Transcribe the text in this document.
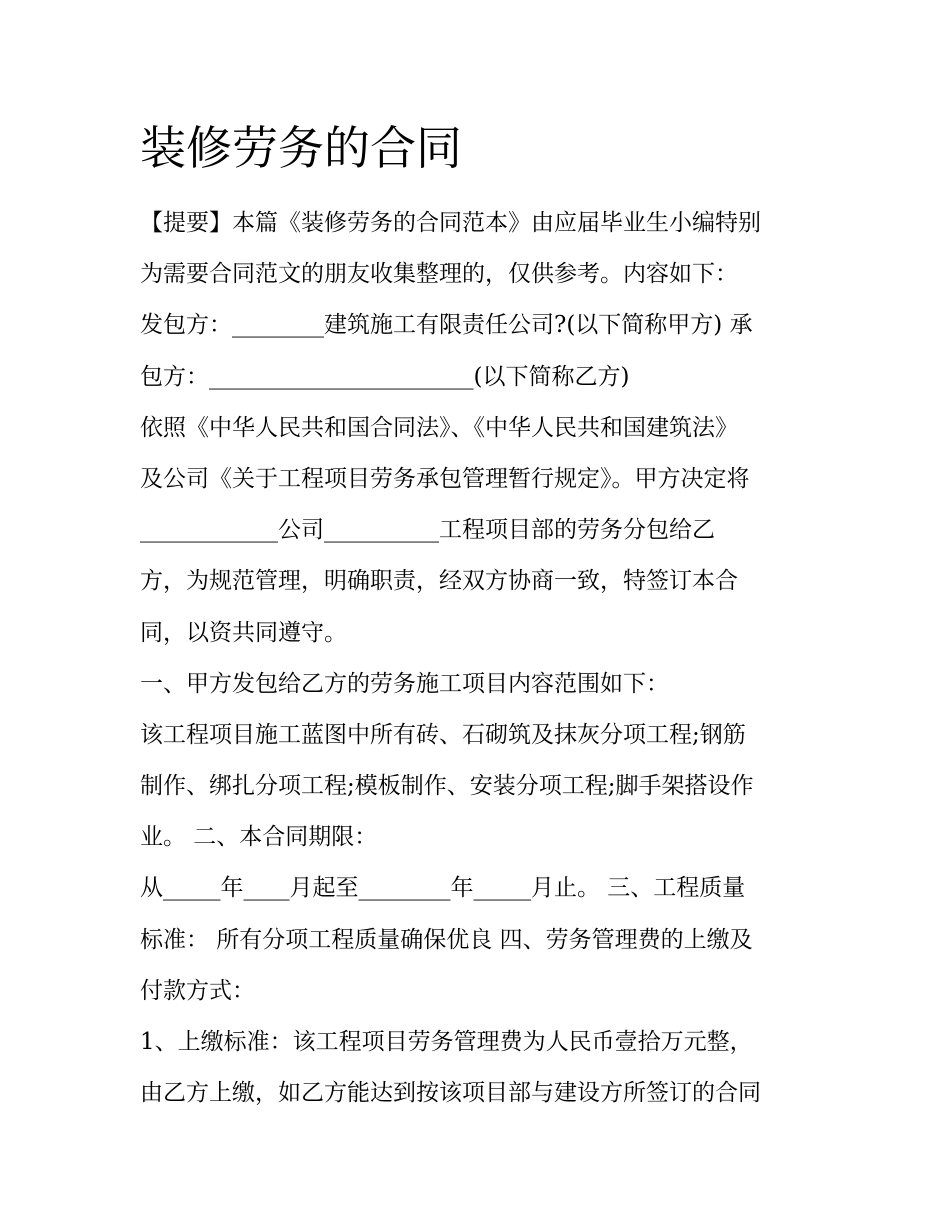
装修劳务的合同
【提要】本篇《装修劳务的合同范本》由应届毕业生小编特别
为需要合同范文的朋友收集整理的，仅供参考。内容如下：
发包方：________建筑施工有限责任公司?(以下简称甲方) 承
包方：_______________________(以下简称乙方)
依照《中华人民共和国合同法》、《中华人民共和国建筑法》
及公司《关于工程项目劳务承包管理暂行规定》。甲方决定将
____________公司__________工程项目部的劳务分包给乙
方，为规范管理，明确职责，经双方协商一致，特签订本合
同，以资共同遵守。
一、甲方发包给乙方的劳务施工项目内容范围如下：
该工程项目施工蓝图中所有砖、石砌筑及抹灰分项工程;钢筋
制作、绑扎分项工程;模板制作、安装分项工程;脚手架搭设作
业。 二、本合同期限：
从_____年____月起至________年_____月止。 三、工程质量
标准： 所有分项工程质量确保优良 四、劳务管理费的上缴及
付款方式：
1、上缴标准：该工程项目劳务管理费为人民币壹拾万元整，
由乙方上缴，如乙方能达到按该项目部与建设方所签订的合同
